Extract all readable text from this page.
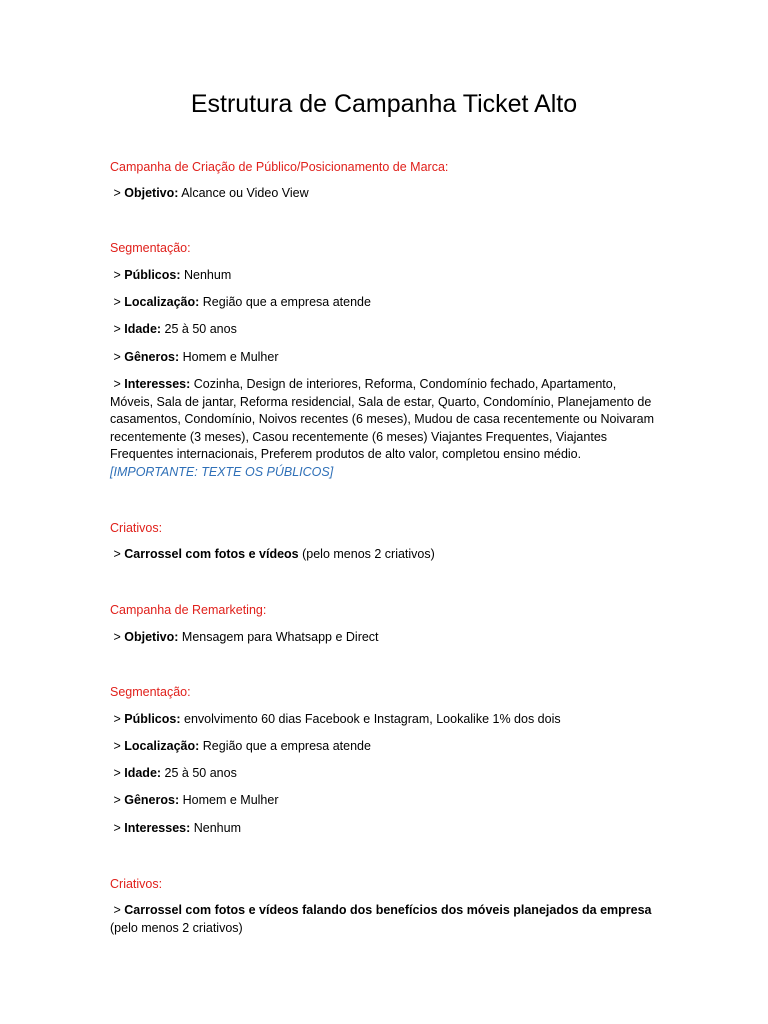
Estrutura de Campanha Ticket Alto

Campanha de Criação de Público/Posicionamento de Marca:

> Objetivo: Alcance ou Video View

Segmentação:

> Públicos: Nenhum

> Localização: Região que a empresa atende

> Idade: 25 à 50 anos

> Gêneros: Homem e Mulher

> Interesses: Cozinha, Design de interiores, Reforma, Condomínio fechado, Apartamento, Móveis, Sala de jantar, Reforma residencial, Sala de estar, Quarto, Condomínio, Planejamento de casamentos, Condomínio, Noivos recentes (6 meses), Mudou de casa recentemente ou Noivaram recentemente (3 meses), Casou recentemente (6 meses) Viajantes Frequentes, Viajantes Frequentes internacionais, Preferem produtos de alto valor, completou ensino médio. [IMPORTANTE: TEXTE OS PÚBLICOS]

Criativos:

> Carrossel com fotos e vídeos (pelo menos 2 criativos)

Campanha de Remarketing:

> Objetivo: Mensagem para Whatsapp e Direct

Segmentação:

> Públicos: envolvimento 60 dias Facebook e Instagram, Lookalike 1% dos dois

> Localização: Região que a empresa atende

> Idade: 25 à 50 anos

> Gêneros: Homem e Mulher

> Interesses: Nenhum

Criativos:

> Carrossel com fotos e vídeos falando dos benefícios dos móveis planejados da empresa
(pelo menos 2 criativos)
